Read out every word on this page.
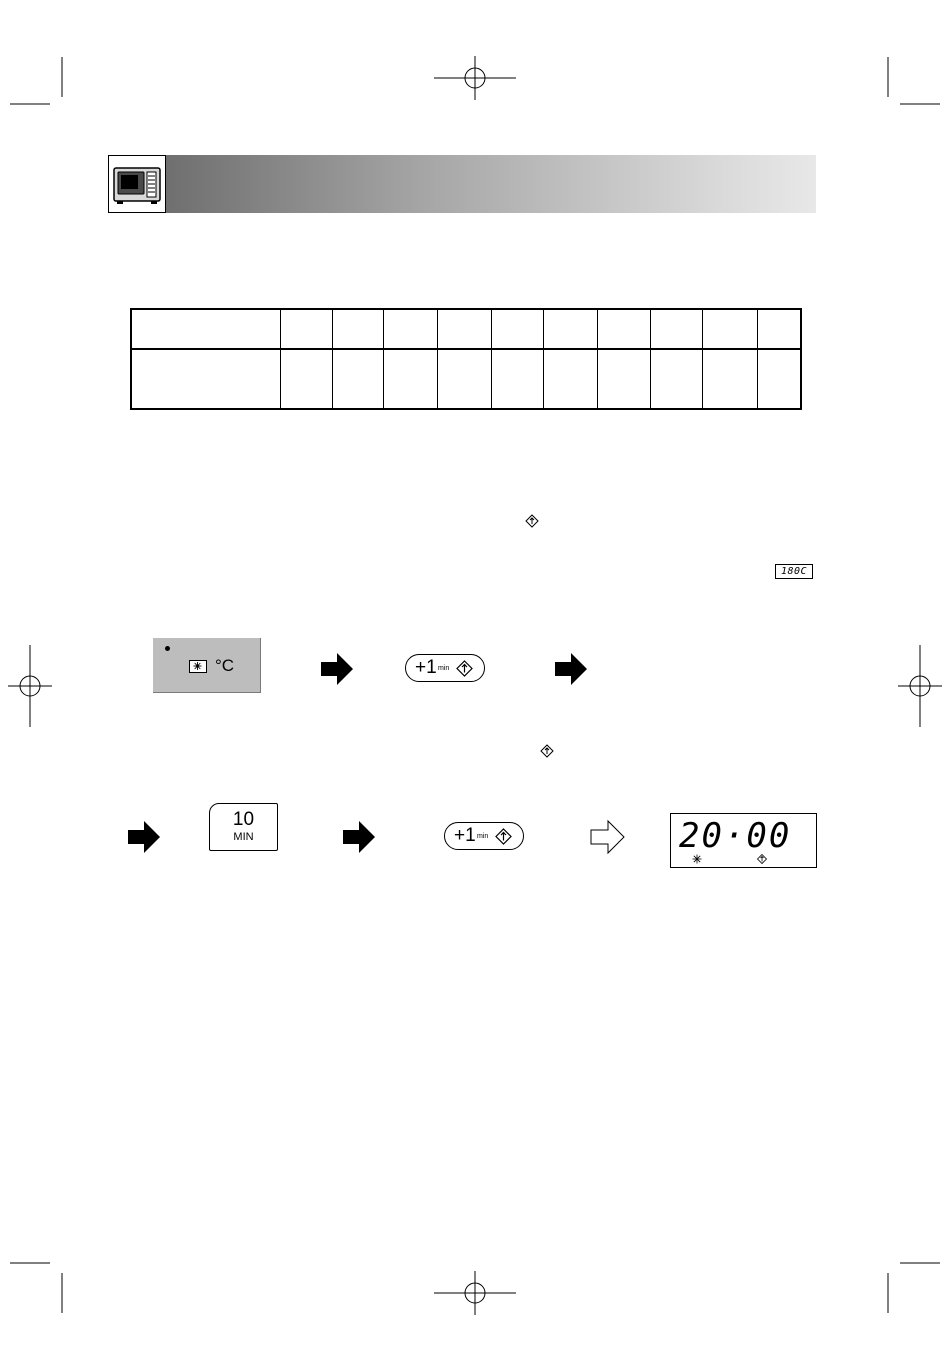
180C
°C	+1 min
10
MIN	+1 min	20·00
